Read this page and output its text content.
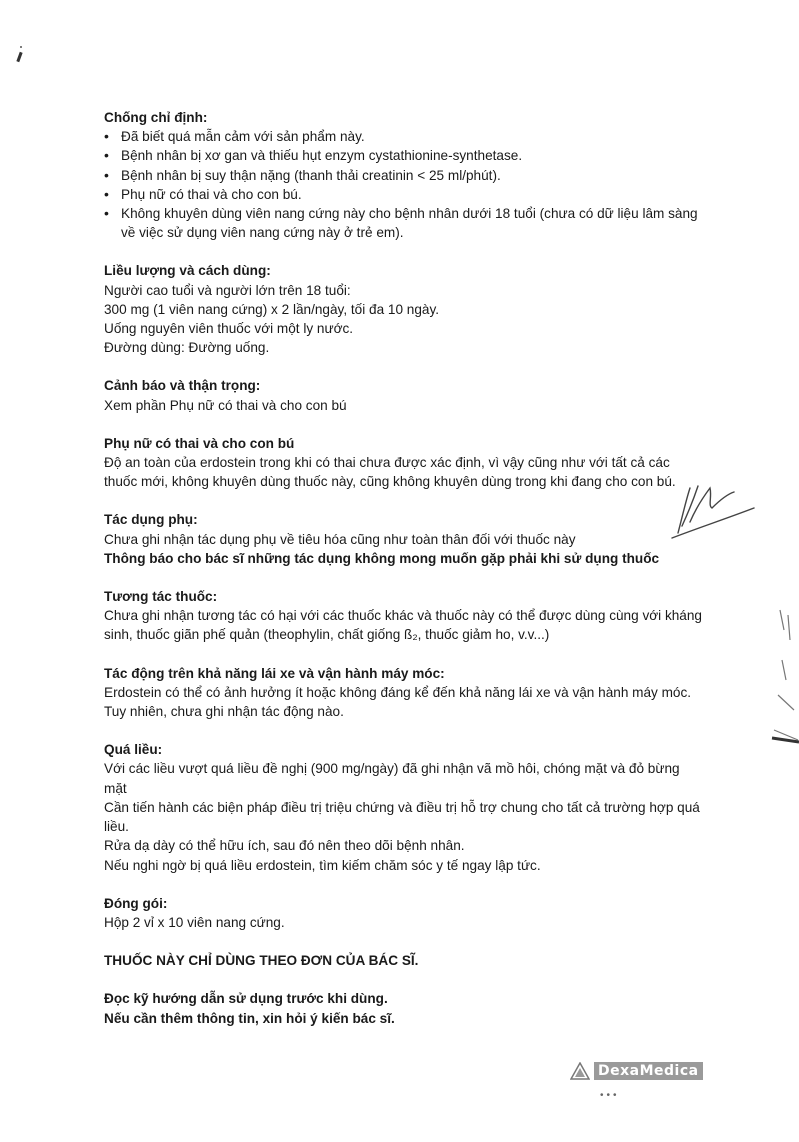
Chống chỉ định:
• Đã biết quá mẫn cảm với sản phẩm này.
• Bệnh nhân bị xơ gan và thiếu hụt enzym cystathionine-synthetase.
• Bệnh nhân bị suy thận nặng (thanh thải creatinin < 25 ml/phút).
• Phụ nữ có thai và cho con bú.
• Không khuyên dùng viên nang cứng này cho bệnh nhân dưới 18 tuổi (chưa có dữ liệu lâm sàng về việc sử dụng viên nang cứng này ở trẻ em).
Liều lượng và cách dùng:
Người cao tuổi và người lớn trên 18 tuổi:
300 mg (1 viên nang cứng) x 2 lần/ngày, tối đa 10 ngày.
Uống nguyên viên thuốc với một ly nước.
Đường dùng: Đường uống.
Cảnh báo và thận trọng:
Xem phần Phụ nữ có thai và cho con bú
Phụ nữ có thai và cho con bú
Độ an toàn của erdostein trong khi có thai chưa được xác định, vì vậy cũng như với tất cả các thuốc mới, không khuyên dùng thuốc này, cũng không khuyên dùng trong khi đang cho con bú.
Tác dụng phụ:
Chưa ghi nhận tác dụng phụ về tiêu hóa cũng như toàn thân đối với thuốc này
Thông báo cho bác sĩ những tác dụng không mong muốn gặp phải khi sử dụng thuốc
Tương tác thuốc:
Chưa ghi nhận tương tác có hại với các thuốc khác và thuốc này có thể được dùng cùng với kháng sinh, thuốc giãn phế quản (theophylin, chất giống ß₂, thuốc giảm ho, v.v...)
Tác động trên khả năng lái xe và vận hành máy móc:
Erdostein có thể có ảnh hưởng ít hoặc không đáng kể đến khả năng lái xe và vận hành máy móc. Tuy nhiên, chưa ghi nhận tác động nào.
Quá liều:
Với các liều vượt quá liều đề nghị (900 mg/ngày) đã ghi nhận vã mồ hôi, chóng mặt và đỏ bừng mặt
Cần tiến hành các biện pháp điều trị triệu chứng và điều trị hỗ trợ chung cho tất cả trường hợp quá liều.
Rửa dạ dày có thể hữu ích, sau đó nên theo dõi bệnh nhân.
Nếu nghi ngờ bị quá liều erdostein, tìm kiếm chăm sóc y tế ngay lập tức.
Đóng gói:
Hộp 2 vỉ x 10 viên nang cứng.
THUỐC NÀY CHỈ DÙNG THEO ĐƠN CỦA BÁC SĨ.
Đọc kỹ hướng dẫn sử dụng trước khi dùng.
Nếu cần thêm thông tin, xin hỏi ý kiến bác sĩ.
DexaMedica
•••
